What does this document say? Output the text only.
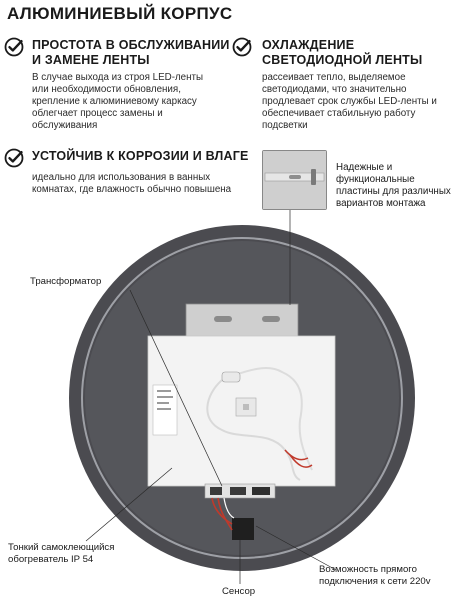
АЛЮМИНИЕВЫЙ КОРПУС
ПРОСТОТА В ОБСЛУЖИВАНИИ И ЗАМЕНЕ ЛЕНТЫ
В случае выхода из строя LED-ленты или необходимости обновления, крепление к алюминиевому каркасу облегчает процесс замены и обслуживания
ОХЛАЖДЕНИЕ СВЕТОДИОДНОЙ ЛЕНТЫ
рассеивает тепло, выделяемое светодиодами, что значительно продлевает срок службы LED-ленты и обеспечивает стабильную работу подсветки
УСТОЙЧИВ К КОРРОЗИИ И ВЛАГЕ
идеально для использования в ванных комнатах, где влажность обычно повышена
Надежные и функциональные пластины для различных вариантов монтажа
Трансформатор
Тонкий самоклеющийся обогреватель IP 54
Сенсор
Возможность прямого подключения к сети 220v
